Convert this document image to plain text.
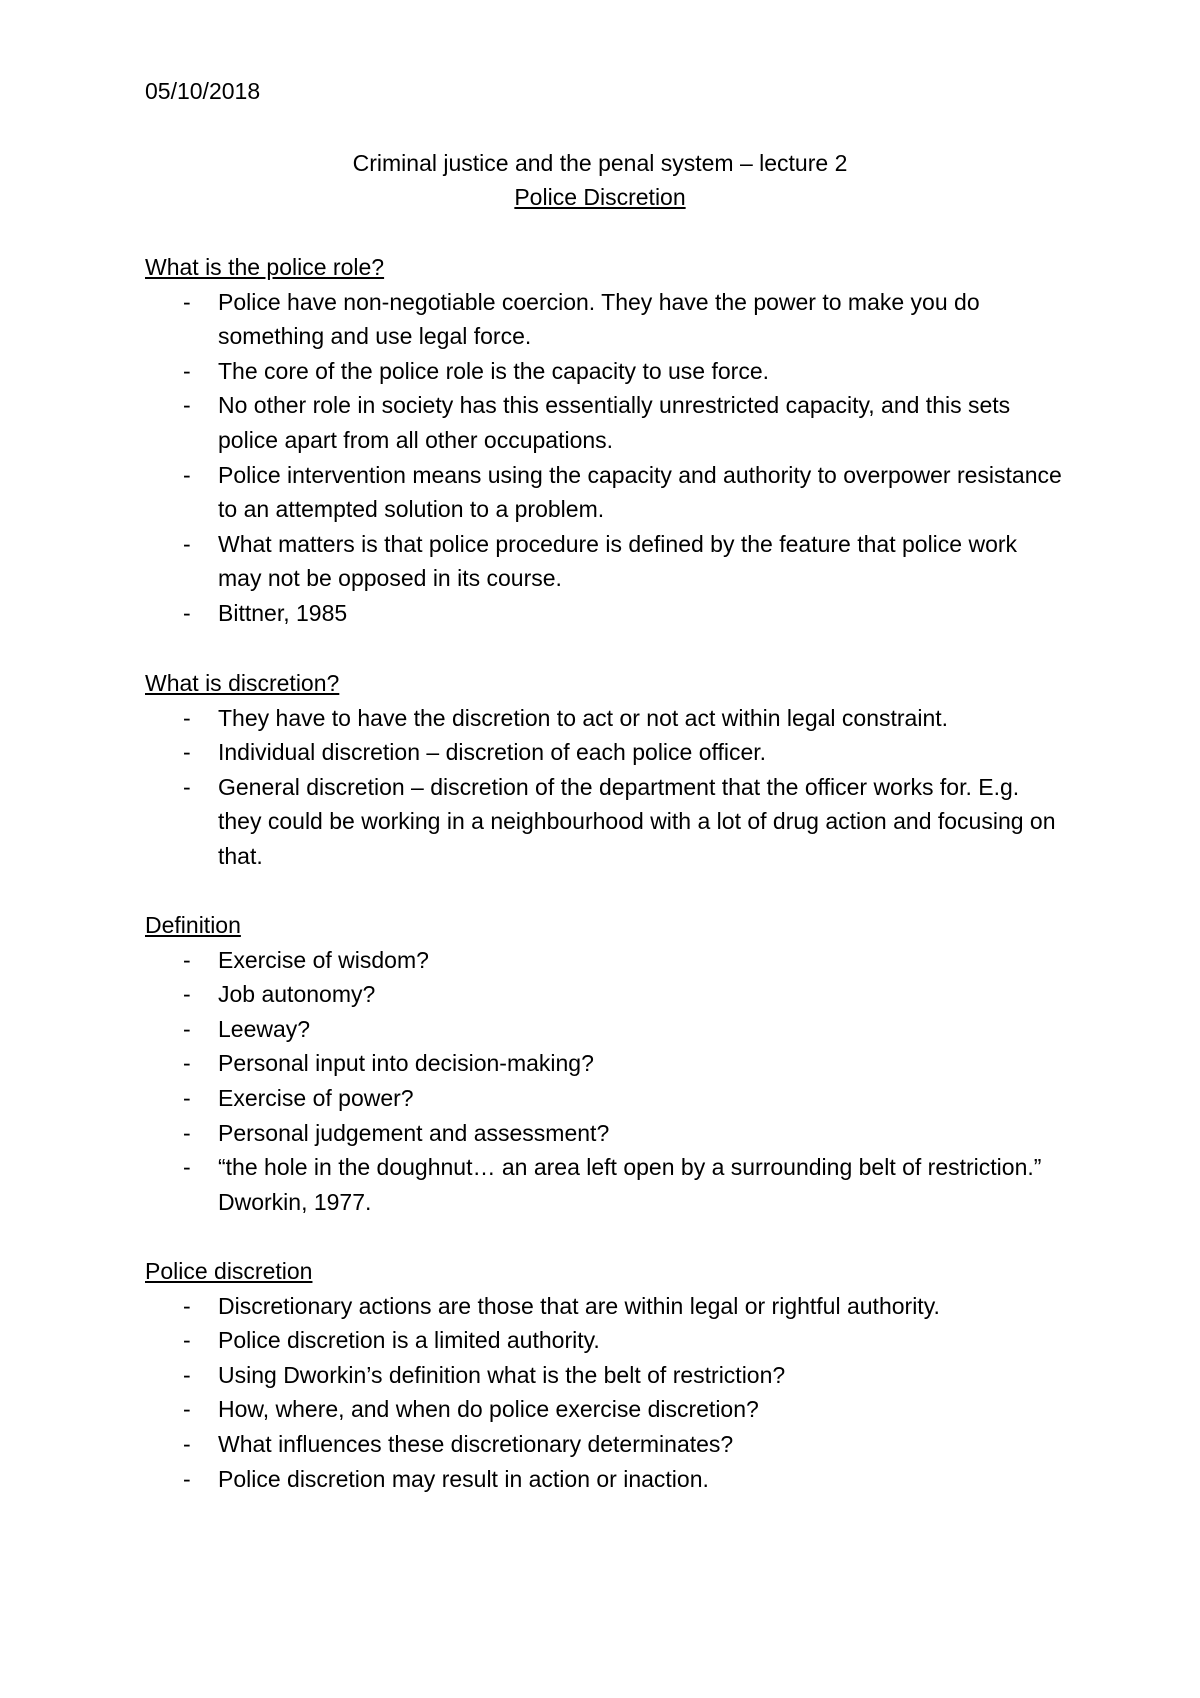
05/10/2018
Criminal justice and the penal system – lecture 2
Police Discretion
What is the police role?
- Police have non-negotiable coercion. They have the power to make you do something and use legal force.
- The core of the police role is the capacity to use force.
- No other role in society has this essentially unrestricted capacity, and this sets police apart from all other occupations.
- Police intervention means using the capacity and authority to overpower resistance to an attempted solution to a problem.
- What matters is that police procedure is defined by the feature that police work may not be opposed in its course.
- Bittner, 1985
What is discretion?
- They have to have the discretion to act or not act within legal constraint.
- Individual discretion – discretion of each police officer.
- General discretion – discretion of the department that the officer works for. E.g. they could be working in a neighbourhood with a lot of drug action and focusing on that.
Definition
- Exercise of wisdom?
- Job autonomy?
- Leeway?
- Personal input into decision-making?
- Exercise of power?
- Personal judgement and assessment?
- “the hole in the doughnut… an area left open by a surrounding belt of restriction.” Dworkin, 1977.
Police discretion
- Discretionary actions are those that are within legal or rightful authority.
- Police discretion is a limited authority.
- Using Dworkin’s definition what is the belt of restriction?
- How, where, and when do police exercise discretion?
- What influences these discretionary determinates?
- Police discretion may result in action or inaction.
